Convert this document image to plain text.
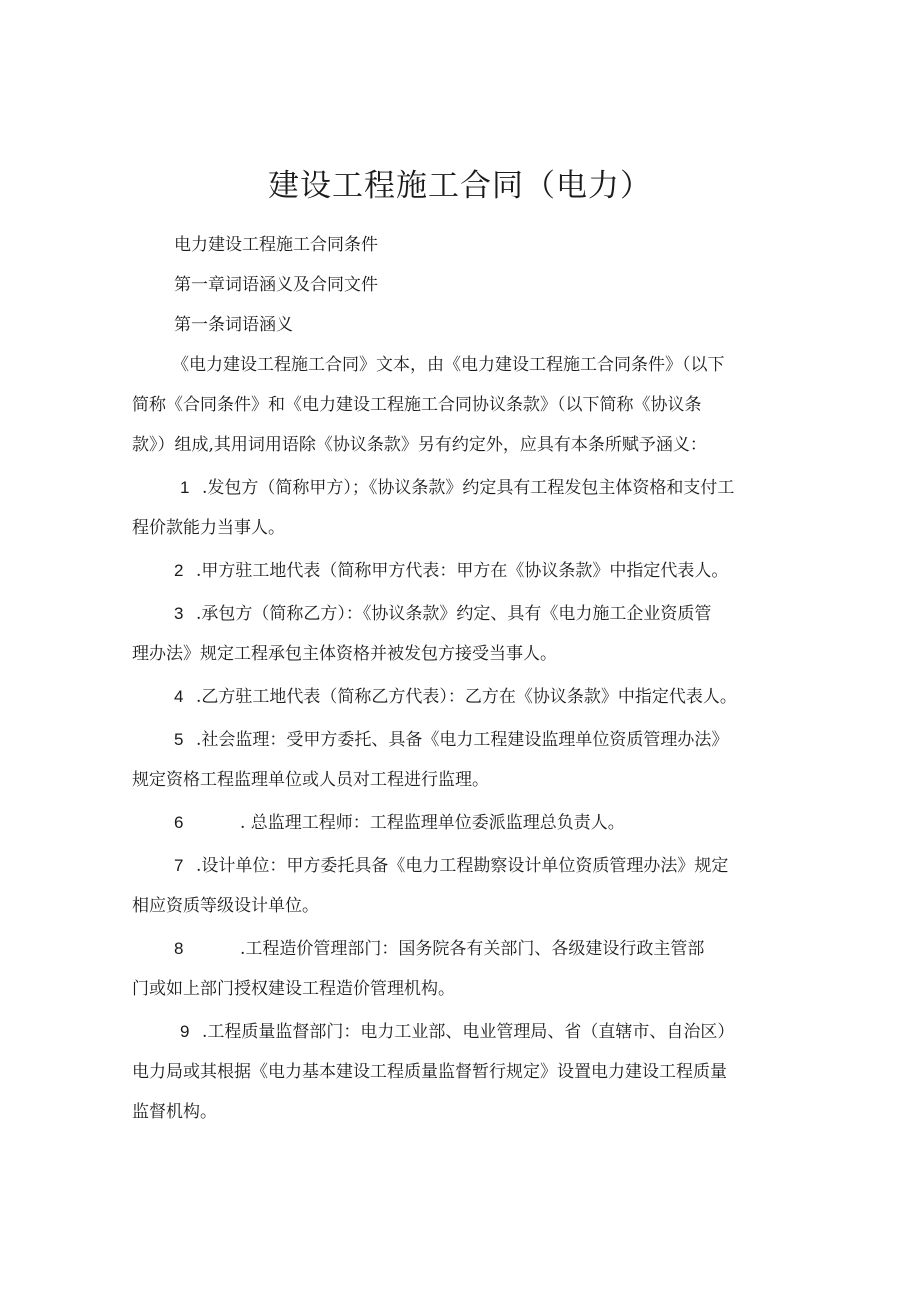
建设工程施工合同（电力）
电力建设工程施工合同条件
第一章词语涵义及合同文件
第一条词语涵义
《电力建设工程施工合同》文本，由《电力建设工程施工合同条件》（以下
简称《合同条件》和《电力建设工程施工合同协议条款》（以下简称《协议条
款》）组成,其用词用语除《协议条款》另有约定外，应具有本条所赋予涵义：
1 .发包方（简称甲方）；《协议条款》约定具有工程发包主体资格和支付工
程价款能力当事人。
2 .甲方驻工地代表（简称甲方代表：甲方在《协议条款》中指定代表人。
3 .承包方（简称乙方）：《协议条款》约定、具有《电力施工企业资质管
理办法》规定工程承包主体资格并被发包方接受当事人。
4 .乙方驻工地代表（简称乙方代表）：乙方在《协议条款》中指定代表人。
5 .社会监理：受甲方委托、具备《电力工程建设监理单位资质管理办法》
规定资格工程监理单位或人员对工程进行监理。
6	. 总监理工程师：工程监理单位委派监理总负责人。
7 .设计单位：甲方委托具备《电力工程勘察设计单位资质管理办法》规定
相应资质等级设计单位。
8	.工程造价管理部门：国务院各有关部门、各级建设行政主管部
门或如上部门授权建设工程造价管理机构。
9 .工程质量监督部门：电力工业部、电业管理局、省（直辖市、自治区）
电力局或其根据《电力基本建设工程质量监督暂行规定》设置电力建设工程质量
监督机构。
